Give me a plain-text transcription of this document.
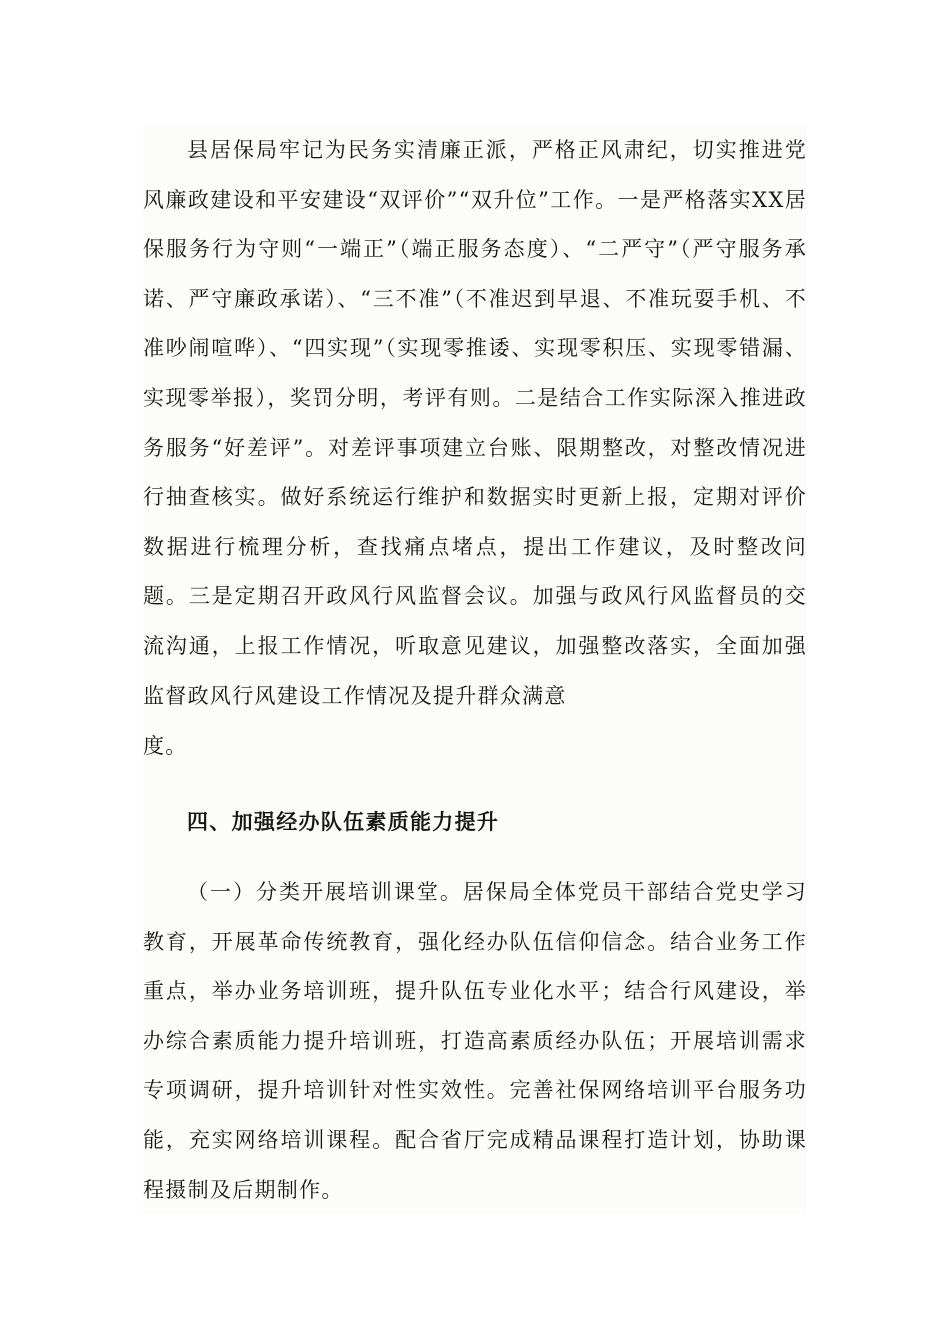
县居保局牢记为民务实清廉正派，严格正风肃纪，切实推进党风廉政建设和平安建设“双评价”“双升位”工作。一是严格落实XX居保服务行为守则“一端正”（端正服务态度）、“二严守”（严守服务承诺、严守廉政承诺）、“三不准”（不准迟到早退、不准玩耍手机、不准吵闹喧哗）、“四实现”（实现零推诿、实现零积压、实现零错漏、实现零举报），奖罚分明，考评有则。二是结合工作实际深入推进政务服务“好差评”。对差评事项建立台账、限期整改，对整改情况进行抽查核实。做好系统运行维护和数据实时更新上报，定期对评价数据进行梳理分析，查找痛点堵点，提出工作建议，及时整改问题。三是定期召开政风行风监督会议。加强与政风行风监督员的交流沟通，上报工作情况，听取意见建议，加强整改落实，全面加强监督政风行风建设工作情况及提升群众满意

度。

四、加强经办队伍素质能力提升

（一）分类开展培训课堂。居保局全体党员干部结合党史学习教育，开展革命传统教育，强化经办队伍信仰信念。结合业务工作重点，举办业务培训班，提升队伍专业化水平；结合行风建设，举办综合素质能力提升培训班，打造高素质经办队伍；开展培训需求专项调研，提升培训针对性实效性。完善社保网络培训平台服务功能，充实网络培训课程。配合省厅完成精品课程打造计划，协助课程摄制及后期制作。
